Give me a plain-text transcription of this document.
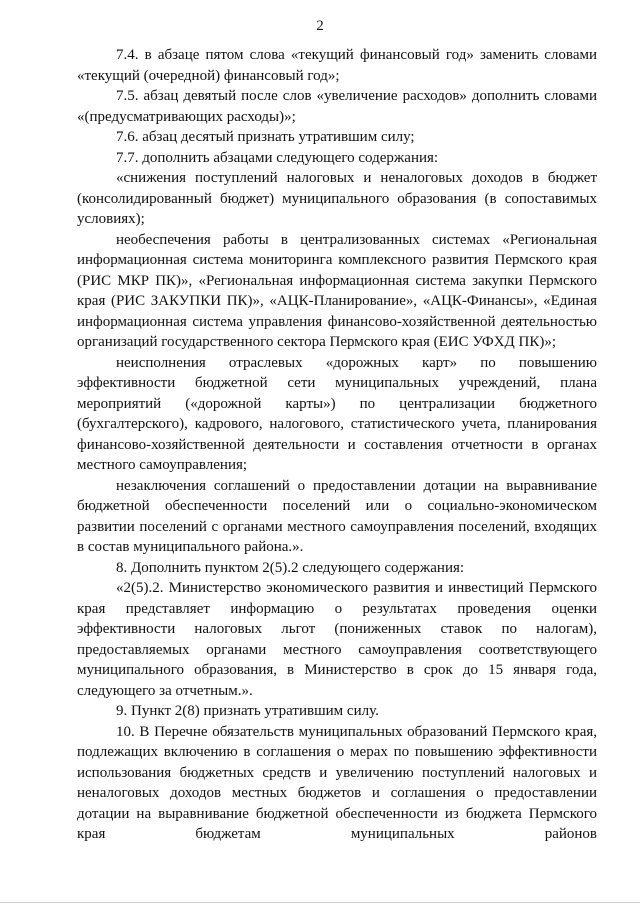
2

7.4. в абзаце пятом слова «текущий финансовый год» заменить словами «текущий (очередной) финансовый год»;

7.5. абзац девятый после слов «увеличение расходов» дополнить словами «(предусматривающих расходы)»;

7.6. абзац десятый признать утратившим силу;

7.7. дополнить абзацами следующего содержания:

«снижения поступлений налоговых и неналоговых доходов в бюджет (консолидированный бюджет) муниципального образования (в сопоставимых условиях);

необеспечения работы в централизованных системах «Региональная информационная система мониторинга комплексного развития Пермского края (РИС МКР ПК)», «Региональная информационная система закупки Пермского края (РИС ЗАКУПКИ ПК)», «АЦК-Планирование», «АЦК-Финансы», «Единая информационная система управления финансово-хозяйственной деятельностью организаций государственного сектора Пермского края (ЕИС УФХД ПК)»;

неисполнения отраслевых «дорожных карт» по повышению эффективности бюджетной сети муниципальных учреждений, плана мероприятий («дорожной карты») по централизации бюджетного (бухгалтерского), кадрового, налогового, статистического учета, планирования финансово-хозяйственной деятельности и составления отчетности в органах местного самоуправления;

незаключения соглашений о предоставлении дотации на выравнивание бюджетной обеспеченности поселений или о социально-экономическом развитии поселений с органами местного самоуправления поселений, входящих в состав муниципального района.».

8. Дополнить пунктом 2(5).2 следующего содержания:

«2(5).2. Министерство экономического развития и инвестиций Пермского края представляет информацию о результатах проведения оценки эффективности налоговых льгот (пониженных ставок по налогам), предоставляемых органами местного самоуправления соответствующего муниципального образования, в Министерство в срок до 15 января года, следующего за отчетным.».

9. Пункт 2(8) признать утратившим силу.

10. В Перечне обязательств муниципальных образований Пермского края, подлежащих включению в соглашения о мерах по повышению эффективности использования бюджетных средств и увеличению поступлений налоговых и неналоговых доходов местных бюджетов и соглашения о предоставлении дотации на выравнивание бюджетной обеспеченности из бюджета Пермского края бюджетам муниципальных районов
